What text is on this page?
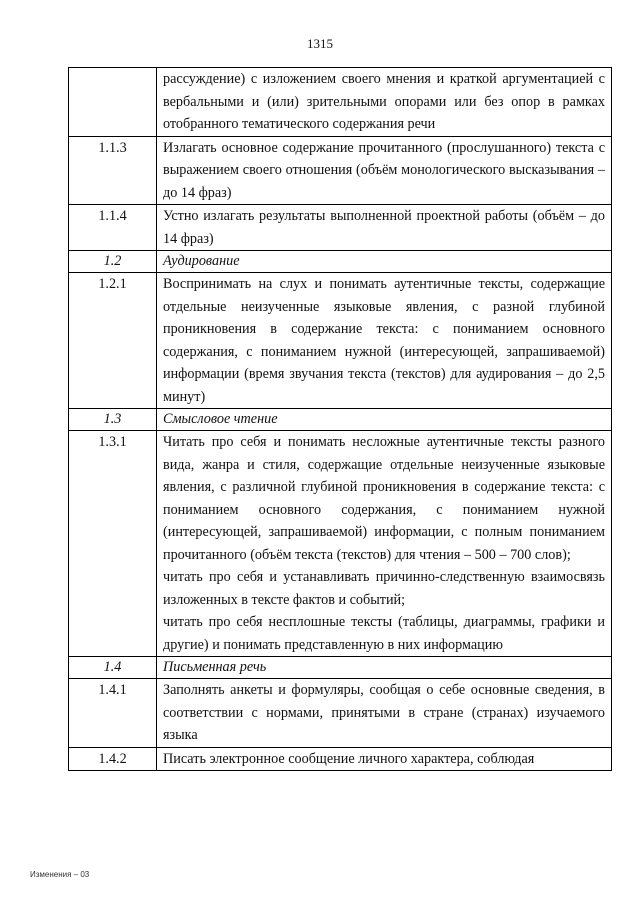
1315

	рассуждение) с изложением своего мнения и краткой аргументацией с вербальными и (или) зрительными опорами или без опор в рамках отобранного тематического содержания речи

1.1.3	Излагать основное содержание прочитанного (прослушанного) текста с выражением своего отношения (объём монологического высказывания – до 14 фраз)

1.1.4	Устно излагать результаты выполненной проектной работы (объём – до 14 фраз)

1.2	Аудирование

1.2.1	Воспринимать на слух и понимать аутентичные тексты, содержащие отдельные неизученные языковые явления, с разной глубиной проникновения в содержание текста: с пониманием основного содержания, с пониманием нужной (интересующей, запрашиваемой) информации (время звучания текста (текстов) для аудирования – до 2,5 минут)

1.3	Смысловое чтение

1.3.1	Читать про себя и понимать несложные аутентичные тексты разного вида, жанра и стиля, содержащие отдельные неизученные языковые явления, с различной глубиной проникновения в содержание текста: с пониманием основного содержания, с пониманием нужной (интересующей, запрашиваемой) информации, с полным пониманием прочитанного (объём текста (текстов) для чтения – 500 – 700 слов);

читать про себя и устанавливать причинно-следственную взаимосвязь изложенных в тексте фактов и событий;

читать про себя несплошные тексты (таблицы, диаграммы, графики и другие) и понимать представленную в них информацию

1.4	Письменная речь

1.4.1	Заполнять анкеты и формуляры, сообщая о себе основные сведения, в соответствии с нормами, принятыми в стране (странах) изучаемого языка

1.4.2	Писать электронное сообщение личного характера, соблюдая

Изменения – 03
